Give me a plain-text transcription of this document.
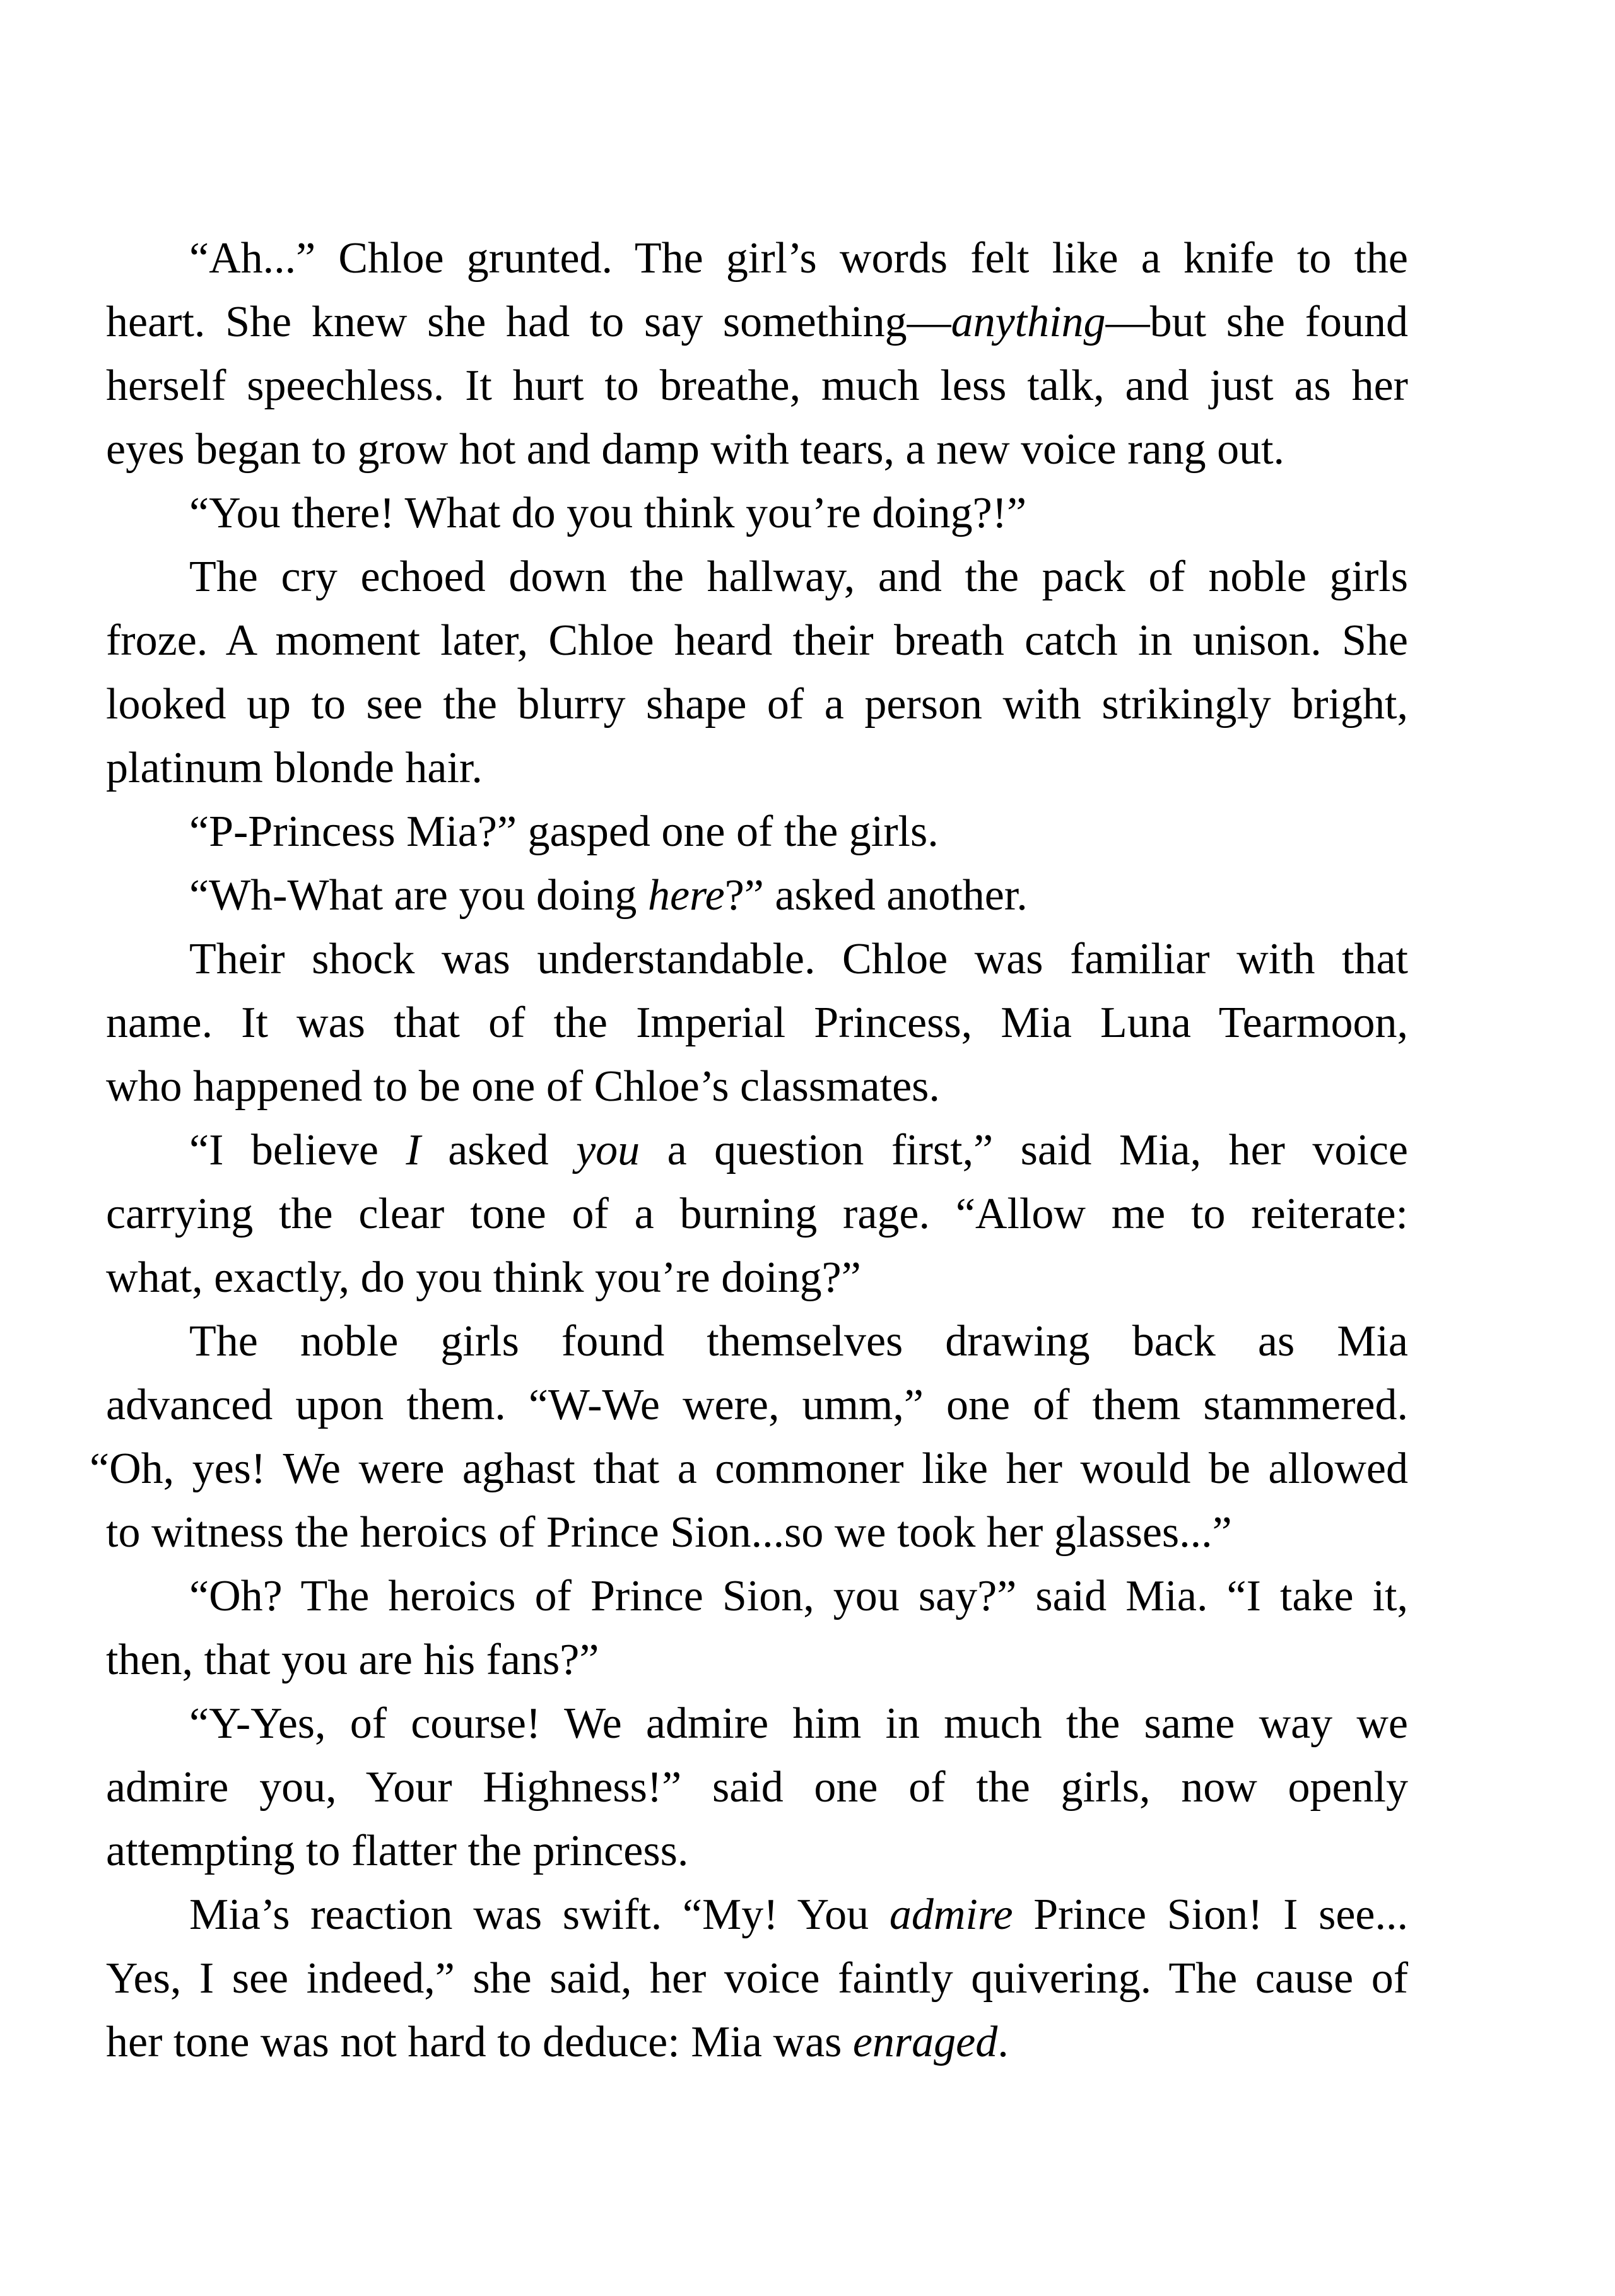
“Ah...” Chloe grunted. The girl’s words felt like a knife to the
heart. She knew she had to say something—anything—but she found
herself speechless. It hurt to breathe, much less talk, and just as her
eyes began to grow hot and damp with tears, a new voice rang out.
“You there! What do you think you’re doing?!”
The cry echoed down the hallway, and the pack of noble girls
froze. A moment later, Chloe heard their breath catch in unison. She
looked up to see the blurry shape of a person with strikingly bright,
platinum blonde hair.
“P-Princess Mia?” gasped one of the girls.
“Wh-What are you doing here?” asked another.
Their shock was understandable. Chloe was familiar with that
name. It was that of the Imperial Princess, Mia Luna Tearmoon,
who happened to be one of Chloe’s classmates.
“I believe I asked you a question first,” said Mia, her voice
carrying the clear tone of a burning rage. “Allow me to reiterate:
what, exactly, do you think you’re doing?”
The noble girls found themselves drawing back as Mia
advanced upon them. “W-We were, umm,” one of them stammered.
“Oh, yes! We were aghast that a commoner like her would be allowed
to witness the heroics of Prince Sion...so we took her glasses...”
“Oh? The heroics of Prince Sion, you say?” said Mia. “I take it,
then, that you are his fans?”
“Y-Yes, of course! We admire him in much the same way we
admire you, Your Highness!” said one of the girls, now openly
attempting to flatter the princess.
Mia’s reaction was swift. “My! You admire Prince Sion! I see...
Yes, I see indeed,” she said, her voice faintly quivering. The cause of
her tone was not hard to deduce: Mia was enraged.
